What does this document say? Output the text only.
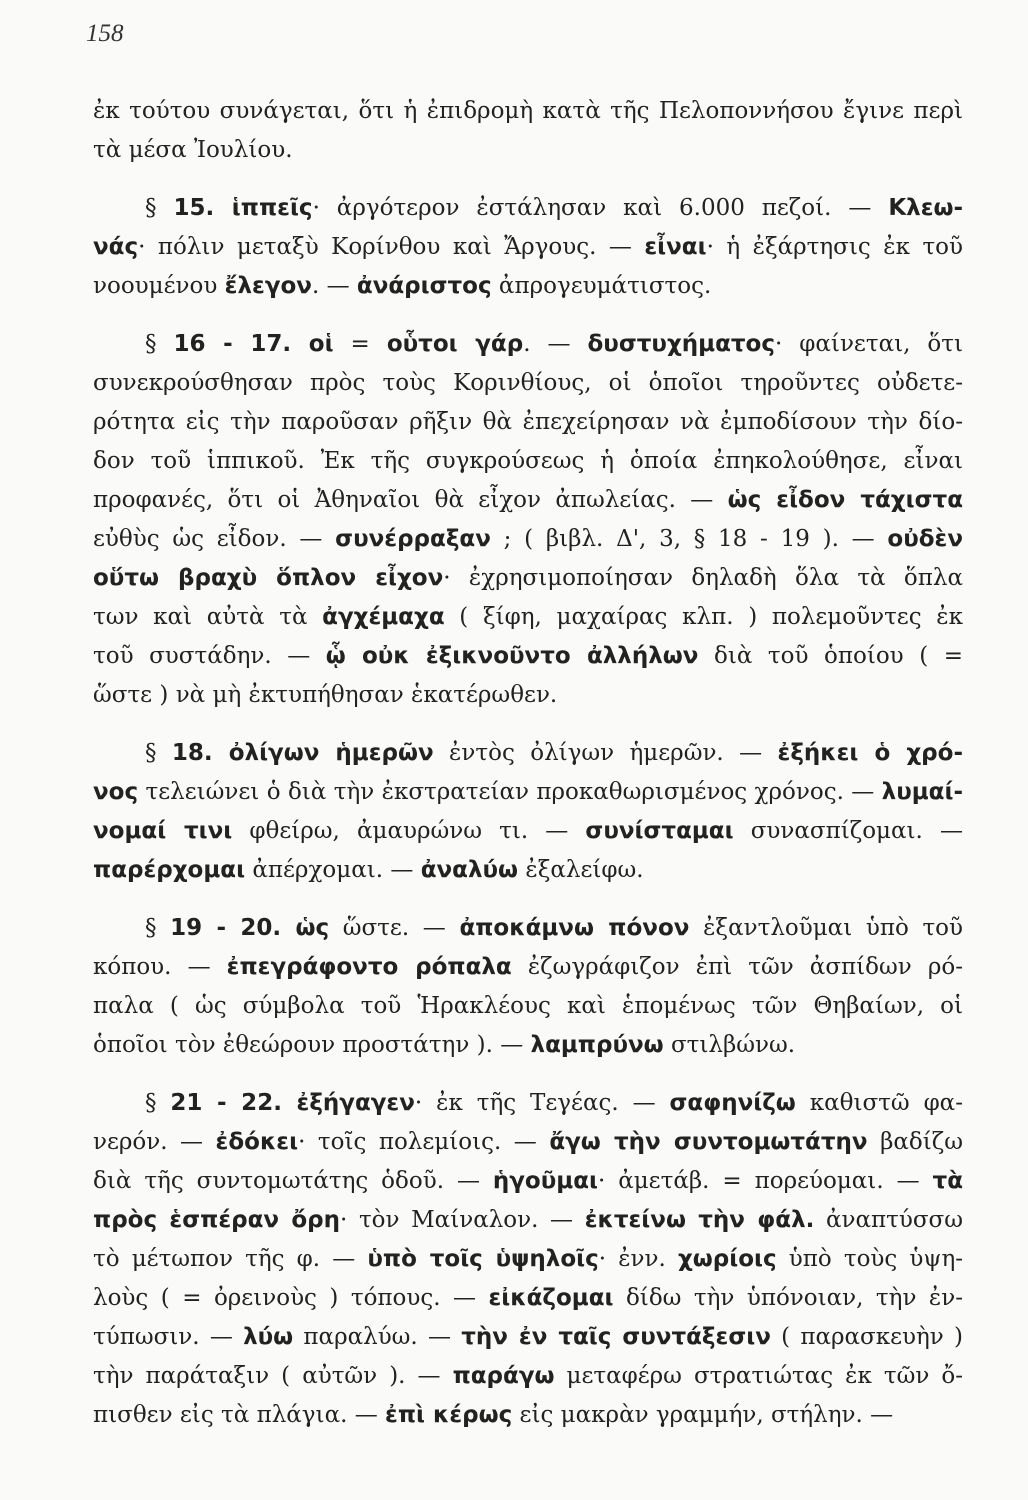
158
ἐκ τούτου συνάγεται, ὅτι ἡ ἐπιδρομὴ κατὰ τῆς Πελοποννήσου ἔγινε περὶ
τὰ μέσα Ἰουλίου.
§ 15. ἱππεῖς· ἀργότερον ἐστάλησαν καὶ 6.000 πεζοί. — Κλεω-
νάς· πόλιν μεταξὺ Κορίνθου καὶ Ἄργους. — εἶναι· ἡ ἐξάρτησις ἐκ τοῦ
νοουμένου ἔλεγον. — ἀνάριστος ἀπρογευμάτιστος.
§ 16 - 17. οἱ = οὗτοι γάρ. — δυστυχήματος· φαίνεται, ὅτι
συνεκρούσθησαν πρὸς τοὺς Κορινθίους, οἱ ὁποῖοι τηροῦντες οὐδετε-
ρότητα εἰς τὴν παροῦσαν ρῆξιν θὰ ἐπεχείρησαν νὰ ἐμποδίσουν τὴν δίο-
δον τοῦ ἱππικοῦ. Ἐκ τῆς συγκρούσεως ἡ ὁποία ἐπηκολούθησε, εἶναι
προφανές, ὅτι οἱ Ἀθηναῖοι θὰ εἶχον ἀπωλείας. — ὡς εἶδον τάχιστα
εὐθὺς ὡς εἶδον. — συνέρραξαν ; ( βιβλ. Δ', 3, § 18 - 19 ). — οὐδὲν
οὕτω βραχὺ ὅπλον εἶχον· ἐχρησιμοποίησαν δηλαδὴ ὅλα τὰ ὅπλα
των καὶ αὐτὰ τὰ ἀγχέμαχα ( ξίφη, μαχαίρας κλπ. ) πολεμοῦντες ἐκ
τοῦ συστάδην. — ᾧ οὐκ ἐξικνοῦντο ἀλλήλων διὰ τοῦ ὁποίου ( =
ὥστε ) νὰ μὴ ἐκτυπήθησαν ἑκατέρωθεν.
§ 18. ὀλίγων ἡμερῶν ἐντὸς ὀλίγων ἡμερῶν. — ἐξήκει ὁ χρό-
νος τελειώνει ὁ διὰ τὴν ἐκστρατείαν προκαθωρισμένος χρόνος. — λυμαί-
νομαί τινι φθείρω, ἀμαυρώνω τι. — συνίσταμαι συνασπίζομαι. —
παρέρχομαι ἀπέρχομαι. — ἀναλύω ἐξαλείφω.
§ 19 - 20. ὡς ὥστε. — ἀποκάμνω πόνον ἐξαντλοῦμαι ὑπὸ τοῦ
κόπου. — ἐπεγράφοντο ρόπαλα ἐζωγράφιζον ἐπὶ τῶν ἀσπίδων ρό-
παλα ( ὡς σύμβολα τοῦ Ἡρακλέους καὶ ἑπομένως τῶν Θηβαίων, οἱ
ὁποῖοι τὸν ἐθεώρουν προστάτην ). — λαμπρύνω στιλβώνω.
§ 21 - 22. ἐξήγαγεν· ἐκ τῆς Τεγέας. — σαφηνίζω καθιστῶ φα-
νερόν. — ἐδόκει· τοῖς πολεμίοις. — ἄγω τὴν συντομωτάτην βαδίζω
διὰ τῆς συντομωτάτης ὁδοῦ. — ἡγοῦμαι· ἀμετάβ. = πορεύομαι. — τὰ
πρὸς ἑσπέραν ὄρη· τὸν Μαίναλον. — ἐκτείνω τὴν φάλ. ἀναπτύσσω
τὸ μέτωπον τῆς φ. — ὑπὸ τοῖς ὑψηλοῖς· ἐνν. χωρίοις ὑπὸ τοὺς ὑψη-
λοὺς ( = ὀρεινοὺς ) τόπους. — εἰκάζομαι δίδω τὴν ὑπόνοιαν, τὴν ἐν-
τύπωσιν. — λύω παραλύω. — τὴν ἐν ταῖς συντάξεσιν ( παρασκευὴν )
τὴν παράταξιν ( αὐτῶν ). — παράγω μεταφέρω στρατιώτας ἐκ τῶν ὄ-
πισθεν εἰς τὰ πλάγια. — ἐπὶ κέρως εἰς μακρὰν γραμμήν, στήλην. —
